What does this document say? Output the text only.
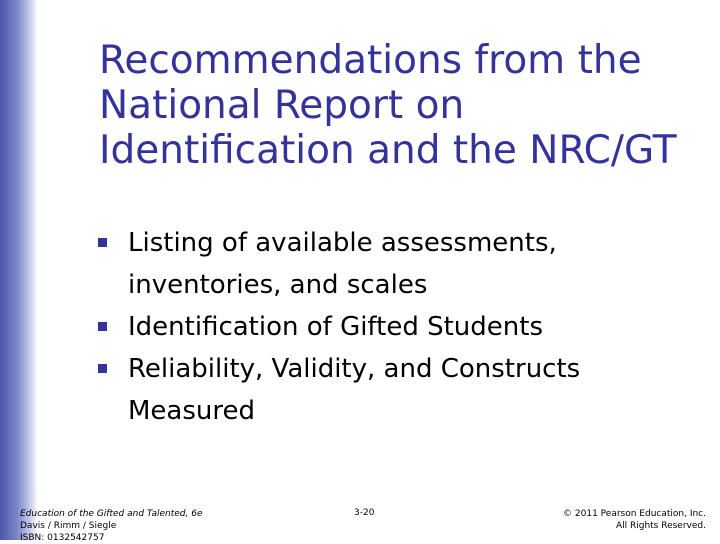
Recommendations from the
National Report on
Identification and the NRC/GT
Listing of available assessments,
inventories, and scales
Identification of Gifted Students
Reliability, Validity, and Constructs
Measured
Education of the Gifted and Talented, 6e
Davis / Rimm / Siegle
ISBN: 0132542757
3-20	© 2011 Pearson Education, Inc.
All Rights Reserved.
